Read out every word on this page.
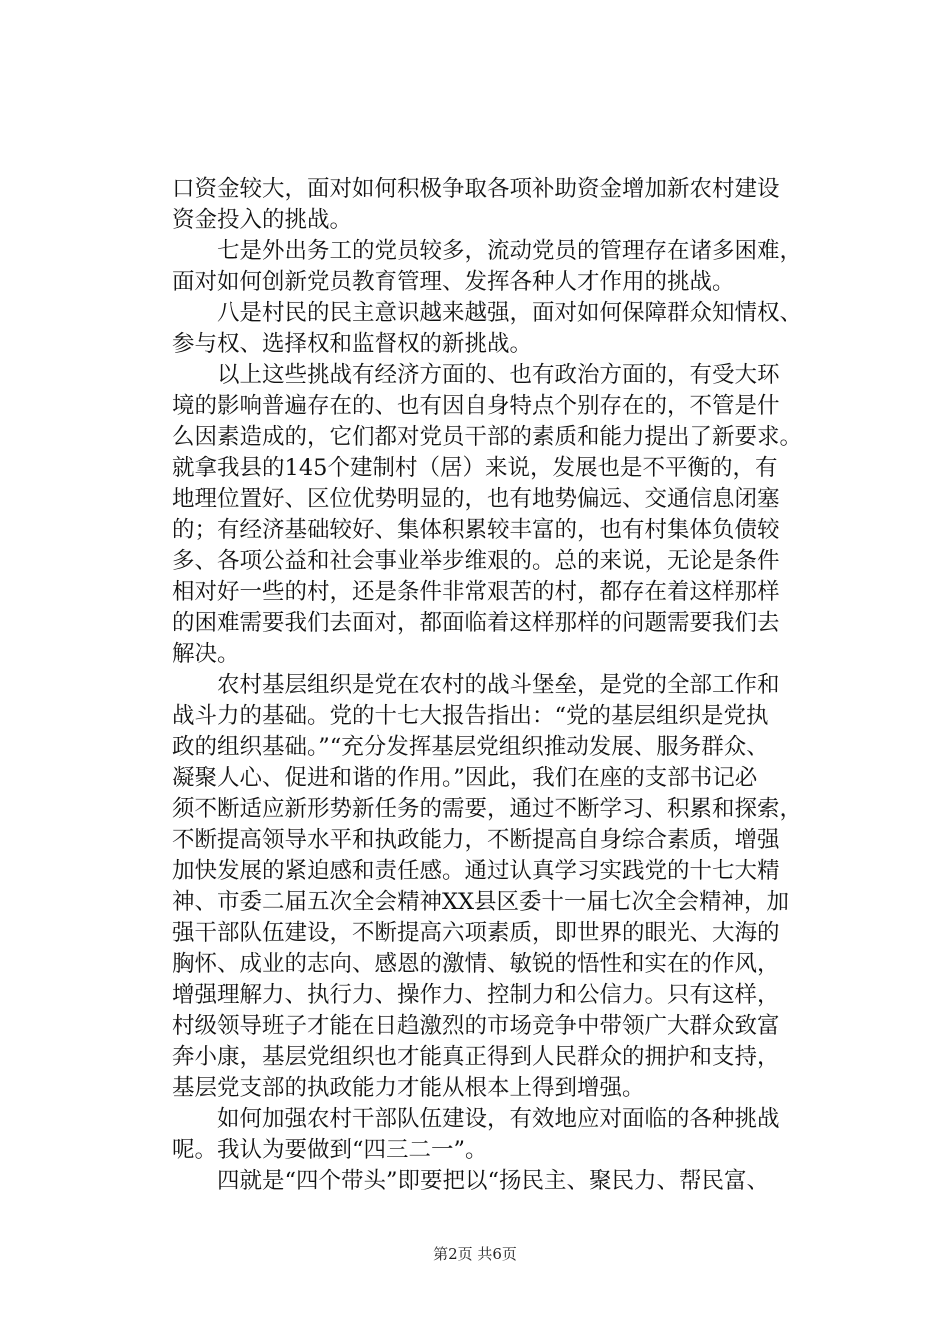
口资金较大，面对如何积极争取各项补助资金增加新农村建设
资金投入的挑战。
七是外出务工的党员较多，流动党员的管理存在诸多困难，
面对如何创新党员教育管理、发挥各种人才作用的挑战。
八是村民的民主意识越来越强，面对如何保障群众知情权、
参与权、选择权和监督权的新挑战。
以上这些挑战有经济方面的、也有政治方面的，有受大环
境的影响普遍存在的、也有因自身特点个别存在的，不管是什
么因素造成的，它们都对党员干部的素质和能力提出了新要求。
就拿我县的145个建制村（居）来说，发展也是不平衡的，有
地理位置好、区位优势明显的，也有地势偏远、交通信息闭塞
的；有经济基础较好、集体积累较丰富的，也有村集体负债较
多、各项公益和社会事业举步维艰的。总的来说，无论是条件
相对好一些的村，还是条件非常艰苦的村，都存在着这样那样
的困难需要我们去面对，都面临着这样那样的问题需要我们去
解决。
农村基层组织是党在农村的战斗堡垒，是党的全部工作和
战斗力的基础。党的十七大报告指出：“党的基层组织是党执
政的组织基础。”“充分发挥基层党组织推动发展、服务群众、
凝聚人心、促进和谐的作用。”因此，我们在座的支部书记必
须不断适应新形势新任务的需要，通过不断学习、积累和探索，
不断提高领导水平和执政能力，不断提高自身综合素质，增强
加快发展的紧迫感和责任感。通过认真学习实践党的十七大精
神、市委二届五次全会精神XX县区委十一届七次全会精神，加
强干部队伍建设，不断提高六项素质，即世界的眼光、大海的
胸怀、成业的志向、感恩的激情、敏锐的悟性和实在的作风，
增强理解力、执行力、操作力、控制力和公信力。只有这样，
村级领导班子才能在日趋激烈的市场竞争中带领广大群众致富
奔小康，基层党组织也才能真正得到人民群众的拥护和支持，
基层党支部的执政能力才能从根本上得到增强。
如何加强农村干部队伍建设，有效地应对面临的各种挑战
呢。我认为要做到“四三二一”。
四就是“四个带头”即要把以“扬民主、聚民力、帮民富、
第2页 共6页
